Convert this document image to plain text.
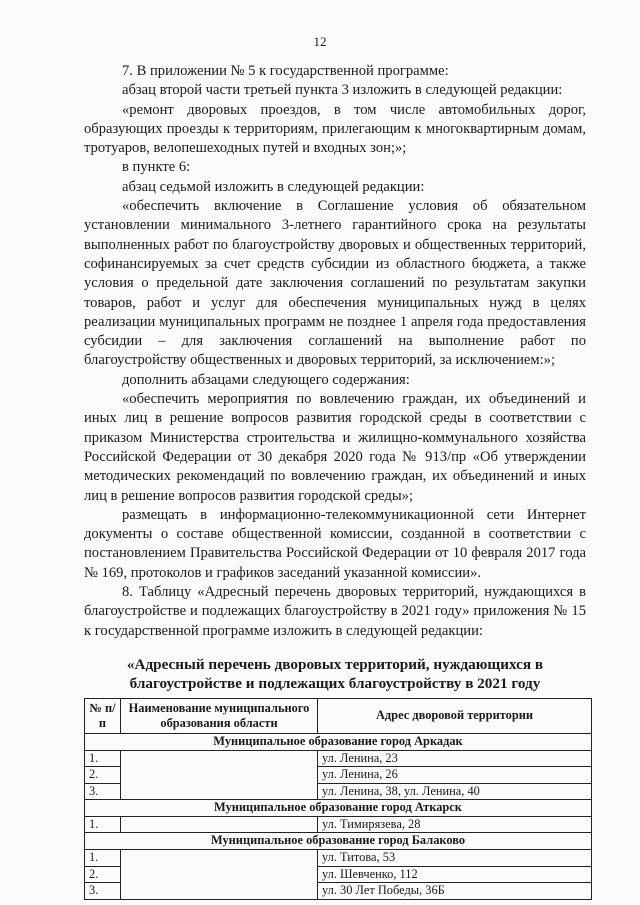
12

7. В приложении № 5 к государственной программе:

абзац второй части третьей пункта 3 изложить в следующей редакции:

«ремонт дворовых проездов, в том числе автомобильных дорог, образующих проезды к территориям, прилегающим к многоквартирным домам, тротуаров, велопешеходных путей и входных зон;»;

в пункте 6:

абзац седьмой изложить в следующей редакции:

«обеспечить включение в Соглашение условия об обязательном установлении минимального 3-летнего гарантийного срока на результаты выполненных работ по благоустройству дворовых и общественных территорий, софинансируемых за счет средств субсидии из областного бюджета, а также условия о предельной дате заключения соглашений по результатам закупки товаров, работ и услуг для обеспечения муниципальных нужд в целях реализации муниципальных программ не позднее 1 апреля года предоставления субсидии – для заключения соглашений на выполнение работ по благоустройству общественных и дворовых территорий, за исключением:»;

дополнить абзацами следующего содержания:

«обеспечить мероприятия по вовлечению граждан, их объединений и иных лиц в решение вопросов развития городской среды в соответствии с приказом Министерства строительства и жилищно-коммунального хозяйства Российской Федерации от 30 декабря 2020 года № 913/пр «Об утверждении методических рекомендаций по вовлечению граждан, их объединений и иных лиц в решение вопросов развития городской среды»;

размещать в информационно-телекоммуникационной сети Интернет документы о составе общественной комиссии, созданной в соответствии с постановлением Правительства Российской Федерации от 10 февраля 2017 года № 169, протоколов и графиков заседаний указанной комиссии».

8. Таблицу «Адресный перечень дворовых территорий, нуждающихся в благоустройстве и подлежащих благоустройству в 2021 году» приложения № 15 к государственной программе изложить в следующей редакции:

«Адресный перечень дворовых территорий, нуждающихся в благоустройстве и подлежащих благоустройству в 2021 году
№ п/п	Наименование муниципального образования области	Адрес дворовой территории
Муниципальное образование город Аркадак		
1.		ул. Ленина, 23
2.		ул. Ленина, 26
3.		ул. Ленина, 38, ул. Ленина, 40
Муниципальное образование город Аткарск		
1.		ул. Тимирязева, 28
Муниципальное образование город Балаково		
1.		ул. Титова, 53
2.		ул. Шевченко, 112
3.		ул. 30 Лет Победы, 36Б
